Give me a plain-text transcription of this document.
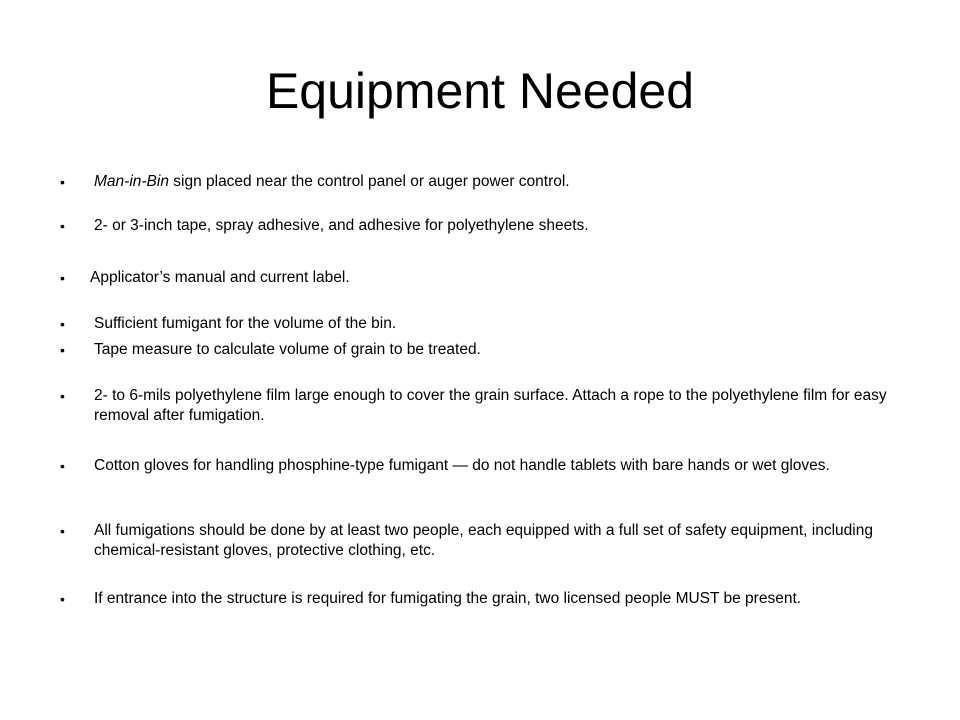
Equipment Needed
•	Man-in-Bin sign placed near the control panel or auger power control.
•	2- or 3-inch tape, spray adhesive, and adhesive for polyethylene sheets.
•	Applicator’s manual and current label.
•	Sufficient fumigant for the volume of the bin.
•	Tape measure to calculate volume of grain to be treated.
•	2- to 6-mils polyethylene film large enough to cover the grain surface. Attach a rope to the polyethylene film for easy removal after fumigation.
•	Cotton gloves for handling phosphine-type fumigant — do not handle tablets with bare hands or wet gloves.
•	All fumigations should be done by at least two people, each equipped with a full set of safety equipment, including chemical-resistant gloves, protective clothing, etc.
•	If entrance into the structure is required for fumigating the grain, two licensed people MUST be present.
